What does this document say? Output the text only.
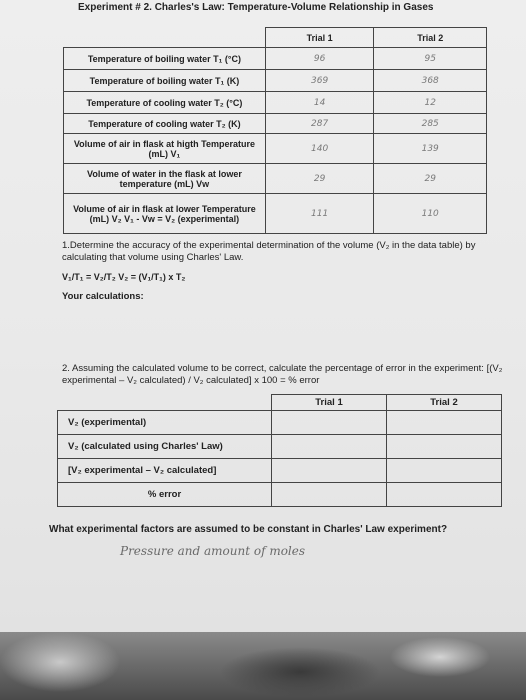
Experiment # 2. Charles's Law: Temperature-Volume Relationship in Gases
	Trial 1	Trial 2
Temperature of boiling water T₁ (°C)	96	95
Temperature of boiling water T₁ (K)	369	368
Temperature of cooling water T₂ (°C)	14	12
Temperature of cooling water T₂ (K)	287	285
Volume of air in flask at higth Temperature (mL) V₁	140	139
Volume of water in the flask at lower temperature (mL) Vw	29	29
Volume of air in flask at lower Temperature (mL) V₂ V₁ - Vw = V₂ (experimental)	111	110
1.Determine the accuracy of the experimental determination of the volume (V₂ in the data table) by calculating that volume using Charles' Law.
V₁/T₁ = V₂/T₂ V₂ = (V₁/T₁) x T₂
Your calculations:
2. Assuming the calculated volume to be correct, calculate the percentage of error in the experiment: [(V₂ experimental – V₂ calculated) / V₂ calculated] x 100 = % error
	Trial 1	Trial 2
V₂ (experimental)		
V₂ (calculated using Charles' Law)		
[V₂ experimental – V₂ calculated]		
% error		
What experimental factors are assumed to be constant in Charles' Law experiment?
Pressure and amount of moles
